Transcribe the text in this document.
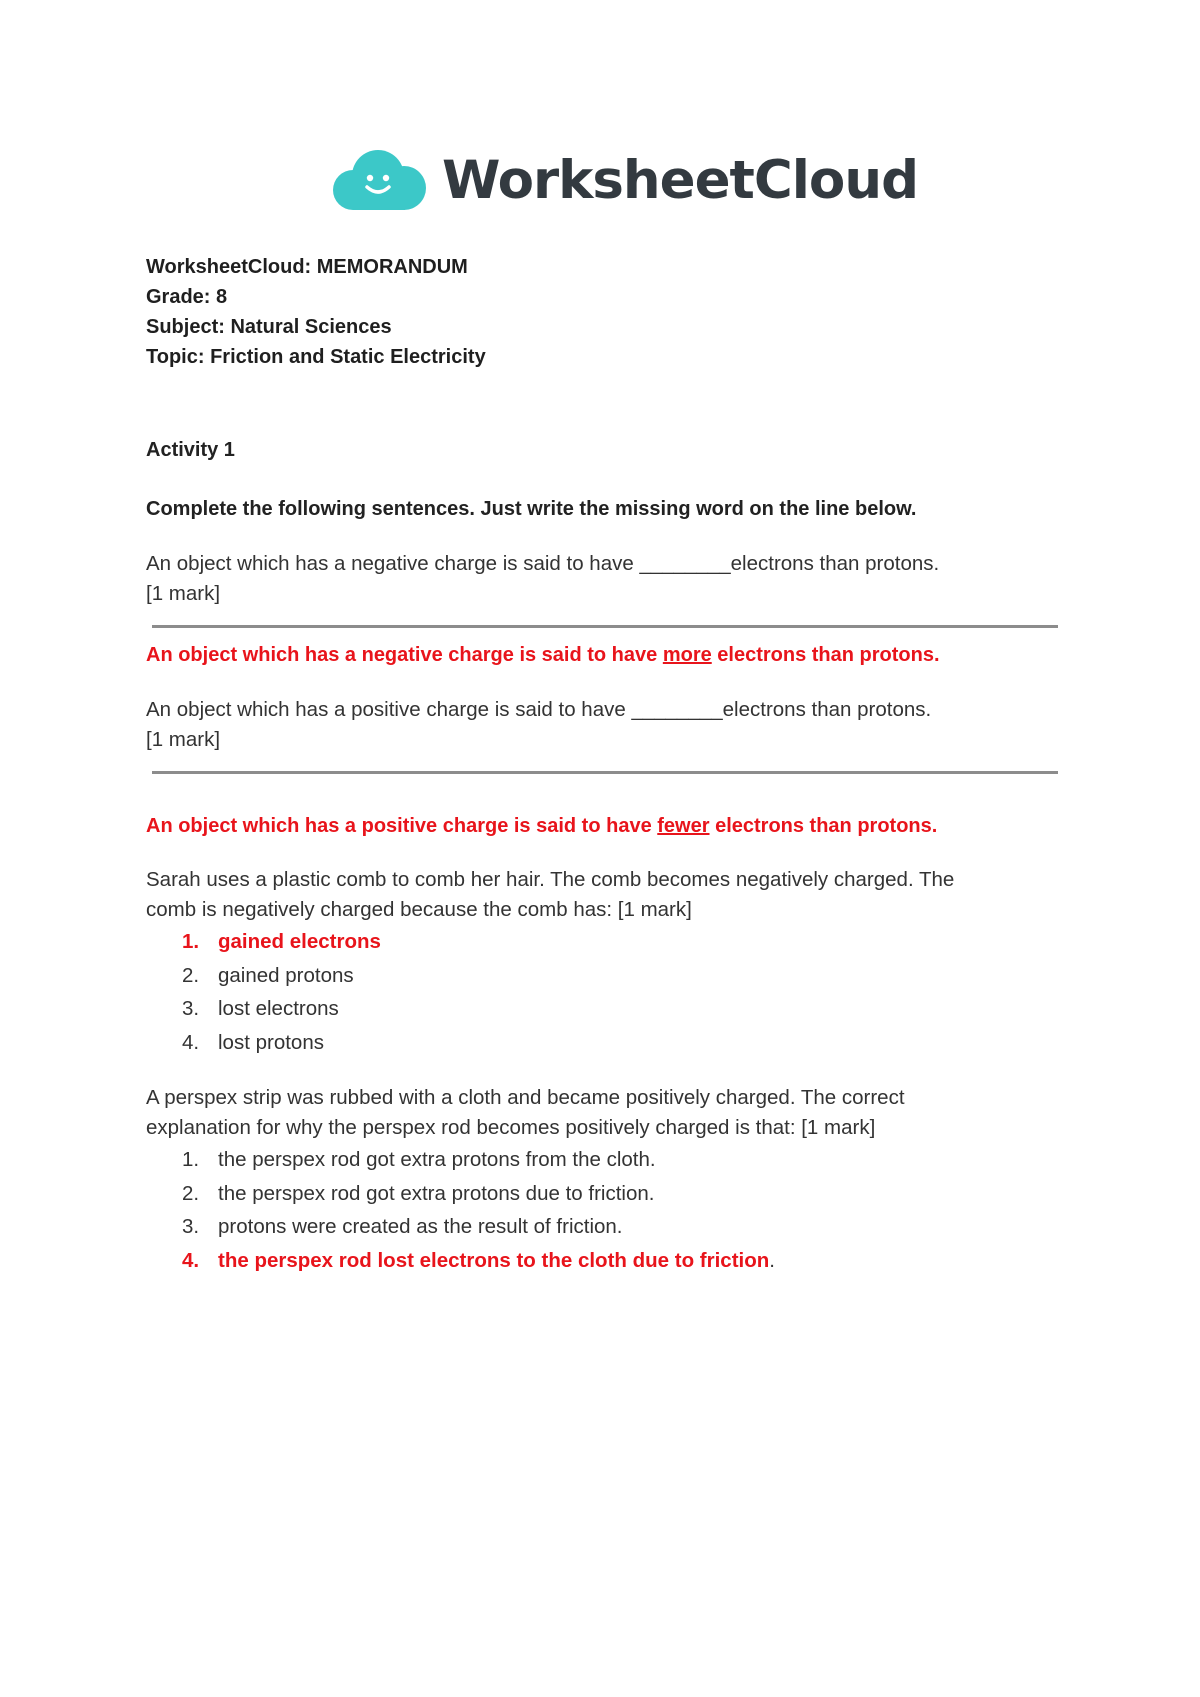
WorksheetCloud
WorksheetCloud: MEMORANDUM
Grade: 8
Subject: Natural Sciences
Topic: Friction and Static Electricity
Activity 1
Complete the following sentences. Just write the missing word on the line below.
An object which has a negative charge is said to have ________electrons than protons.
[1 mark]
An object which has a negative charge is said to have more electrons than protons.
An object which has a positive charge is said to have ________electrons than protons.
[1 mark]
An object which has a positive charge is said to have fewer electrons than protons.
Sarah uses a plastic comb to comb her hair. The comb becomes negatively charged. The
comb is negatively charged because the comb has: [1 mark]
1. gained electrons
2. gained protons
3. lost electrons
4. lost protons
A perspex strip was rubbed with a cloth and became positively charged. The correct
explanation for why the perspex rod becomes positively charged is that: [1 mark]
1. the perspex rod got extra protons from the cloth.
2. the perspex rod got extra protons due to friction.
3. protons were created as the result of friction.
4. the perspex rod lost electrons to the cloth due to friction .
